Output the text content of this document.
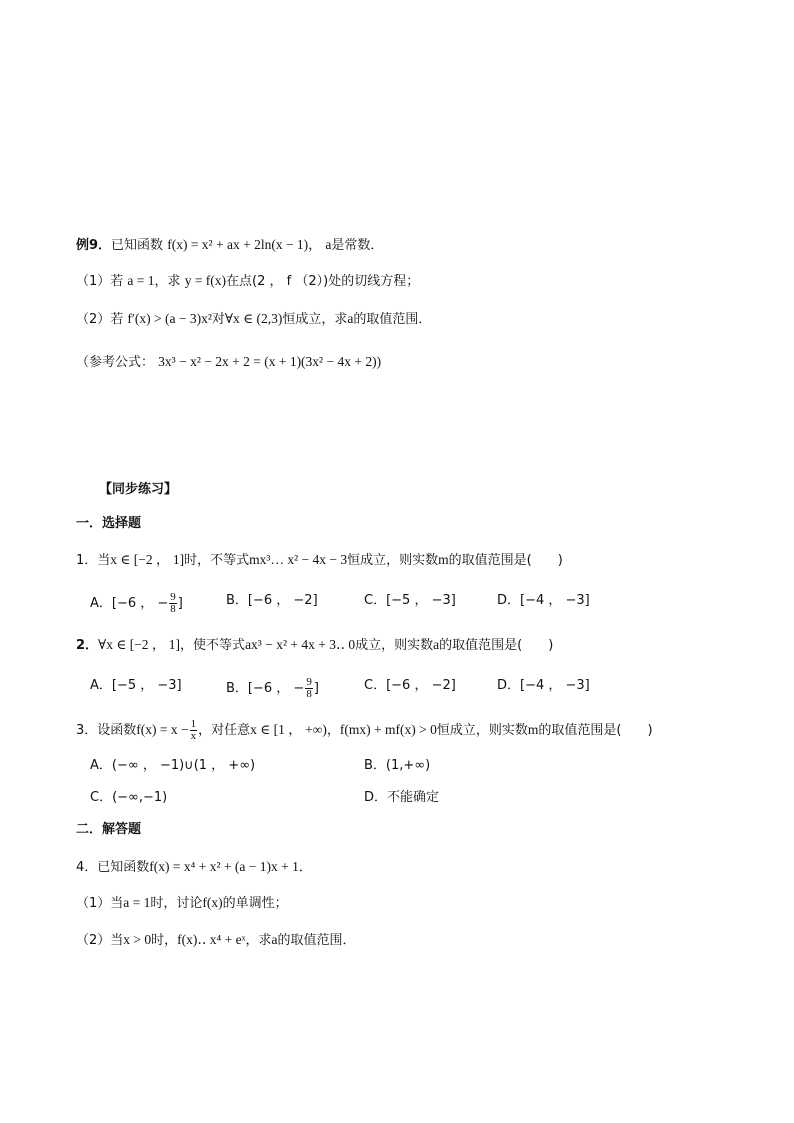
例9．已知函数 f(x) = x² + ax + 2ln(x − 1)， a是常数．
（1）若 a = 1，求 y = f(x)在点(2 ， f （2）)处的切线方程；
（2）若 f′(x) > (a − 3)x²对∀x ∈ (2,3)恒成立，求a的取值范围．
（参考公式： 3x³ − x² − 2x + 2 = (x + 1)(3x² − 4x + 2))
【同步练习】
一．选择题
1．当x ∈ [−2 ， 1]时，不等式mx³… x² − 4x − 3恒成立，则实数m的取值范围是(　　)
A．[−6 ， − $\frac{9}{8}$ ]	B．[−6 ， −2]	C．[−5 ， −3]	D．[−4 ， −3]
2．∀x ∈ [−2 ， 1]，使不等式ax³ − x² + 4x + 3‥ 0成立，则实数a的取值范围是(　　)
A．[−5 ， −3]	B．[−6 ， − $\frac{9}{8}$ ]	C．[−6 ， −2]	D．[−4 ， −3]
3．设函数$f(x) = x - \frac{1}{x}$ ，对任意x ∈ [1 ， +∞)，f(mx) + mf(x) > 0恒成立，则实数m的取值范围是(　　)
A．(−∞ ， −1)∪(1 ， +∞)	B．(1,+∞)
C．(−∞,−1)	D．不能确定
二．解答题
4．已知函数f(x) = x⁴ + x² + (a − 1)x + 1．
（1）当a = 1时，讨论f(x)的单调性；
（2）当x > 0时，f(x)‥ x⁴ + eˣ，求a的取值范围．
